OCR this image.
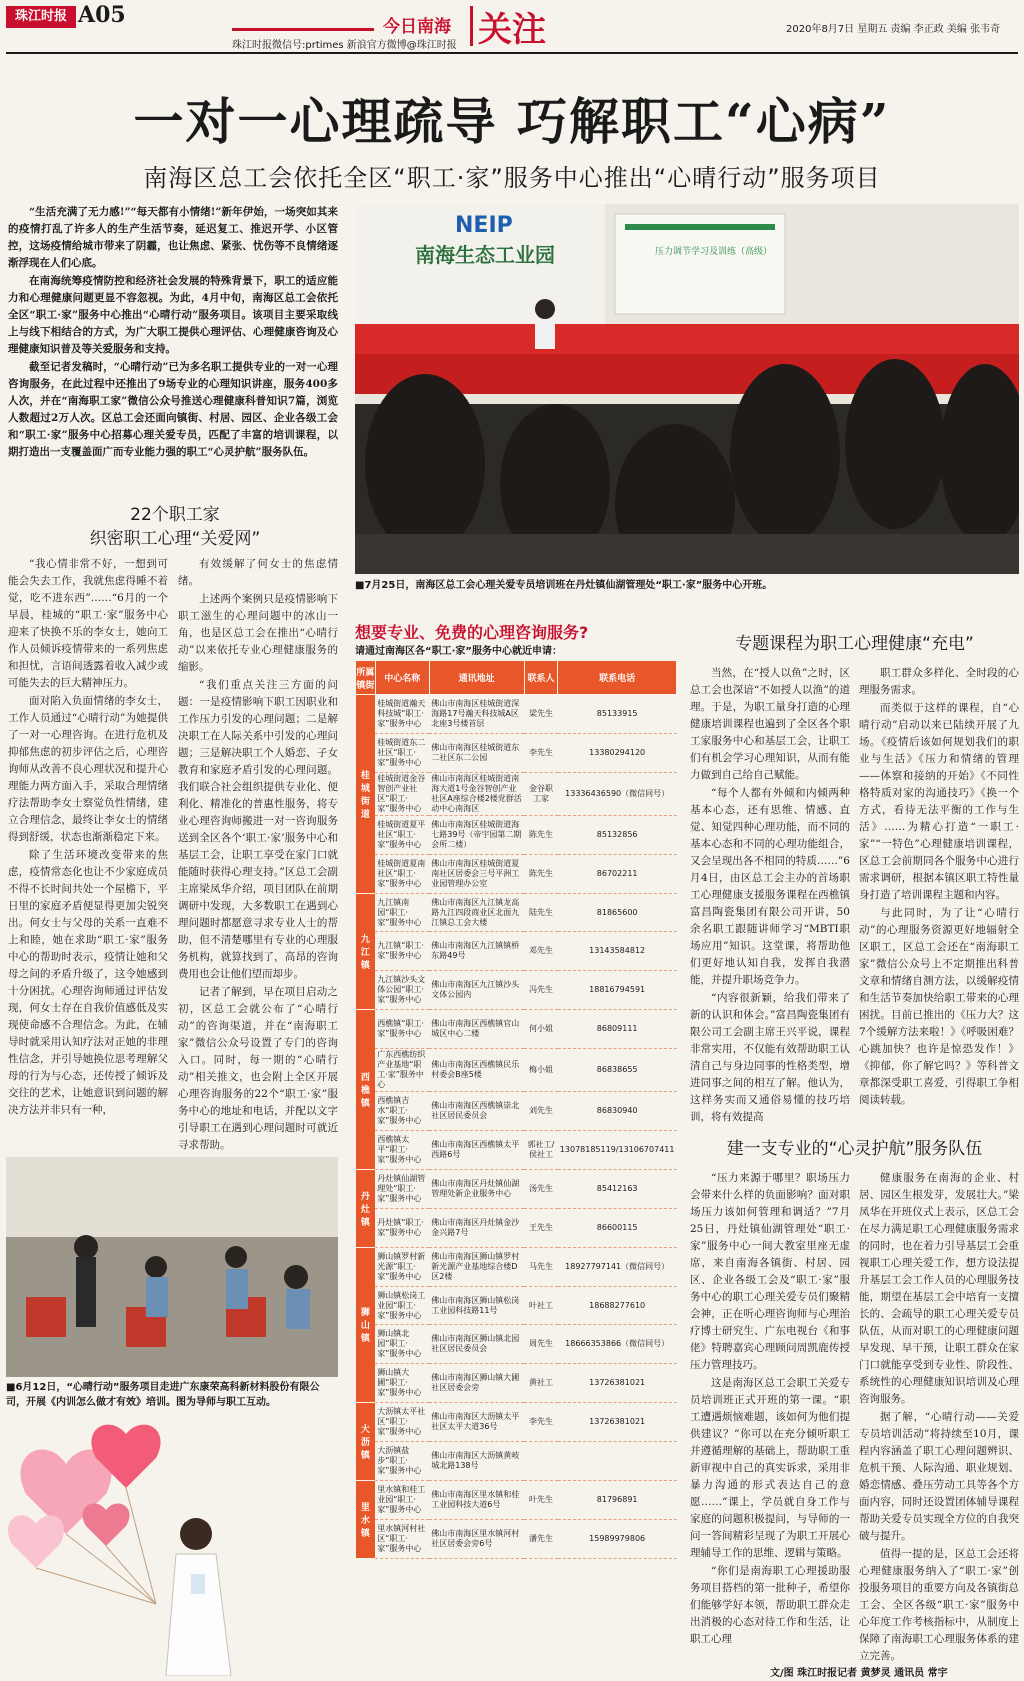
珠江时报 A05	今日南海 关注
珠江时报微信号:prtimes 新浪官方微博@珠江时报
2020年8月7日 星期五 责编 李正政 美编 张韦奇
一对一心理疏导 巧解职工“心病”
南海区总工会依托全区“职工·家”服务中心推出“心晴行动”服务项目

“生活充满了无力感!”“每天都有小情绪!”新年伊始，一场突如其来的疫情打乱了许多人的生产生活节奏，延迟复工、推迟开学、小区管控，这场疫情给城市带来了阴霾，也让焦虑、紧张、忧伤等不良情绪逐渐浮现在人们心底。

在南海统筹疫情防控和经济社会发展的特殊背景下，职工的适应能力和心理健康问题更显不容忽视。为此，4月中旬，南海区总工会依托全区“职工·家”服务中心推出“心晴行动”服务项目。该项目主要采取线上与线下相结合的方式，为广大职工提供心理评估、心理健康咨询及心理健康知识普及等关爱服务和支持。

截至记者发稿时，“心晴行动”已为多名职工提供专业的一对一心理咨询服务，在此过程中还推出了9场专业的心理知识讲座，服务400多人次，并在“南海职工家”微信公众号推送心理健康科普知识7篇，浏览人数超过2万人次。区总工会还面向镇街、村居、园区、企业各级工会和“职工·家”服务中心招募心理关爱专员，匹配了丰富的培训课程，以期打造出一支覆盖面广而专业能力强的职工“心灵护航”服务队伍。

NEIP
南海生态工业园	压力调节学习及训练（高级）
■7月25日，南海区总工会心理关爱专员培训班在丹灶镇仙湖管理处“职工·家”服务中心开班。
22个职工家
织密职工心理“关爱网”

“我心情非常不好，一想到可能会失去工作，我就焦虑得睡不着觉，吃不进东西”……“6月的一个早晨，桂城的“职工·家”服务中心迎来了快换不乐的李女士，她向工作人员倾诉疫情带来的一系列焦虑和担忧，言语间透露着收入减少或可能失去的巨大精神压力。

面对陷入负面情绪的李女士，工作人员通过“心晴行动”为她提供了一对一心理咨询。在进行危机及抑郁焦虑的初步评估之后，心理咨询师从改善不良心理状况和提升心理能力两方面入手，采取合理情绪疗法帮助李女士察觉负性情绪，建立合理信念，最终让李女士的情绪得到舒缓，状态也渐渐稳定下来。

除了生活环境改变带来的焦虑，疫情常态化也让不少家庭成员不得不长时间共处一个屋檐下，平日里的家庭矛盾便显得更加尖锐突出。何女士与父母的关系一直难不上和睦，她在求助“职工·家”服务中心的帮助时表示，疫情让她和父母之间的矛盾升级了，这令她感到十分困扰。心理咨询师通过评估发现，何女士存在自我价值感低及实现使命感不合理信念。为此，在辅导时就采用认知疗法对正她的非理性信念，并引导她换位思考理解父母的行为与心态，还传授了倾诉及交往的艺术，让她意识到问题的解决方法并非只有一种，

有效缓解了何女士的焦虑情绪。

上述两个案例只是疫情影响下职工滋生的心理问题中的冰山一角，也是区总工会在推出“心晴行动”以来依托专业心理健康服务的缩影。

“我们重点关注三方面的问题：一是疫情影响下职工因职业和工作压力引发的心理问题；二是解决职工在人际关系中引发的心理问题；三是解决职工个人婚恋、子女教育和家庭矛盾引发的心理问题。我们联合社会组织提供专业化、便利化、精准化的普惠性服务，将专业心理咨询师搬进一对一咨询服务送到全区各个‘职工·家’服务中心和基层工会，让职工享受在家门口就能随时获得心理支持。”区总工会副主席梁凤华介绍，项目团队在前期调研中发现，大多数职工在遇到心理问题时都愿意寻求专业人士的帮助，但不清楚哪里有专业的心理服务机构，就算找到了，高昂的咨询费用也会让他们望而却步。

记者了解到，早在项目启动之初，区总工会就公布了“心晴行动”的咨询渠道，并在“南海职工家”微信公众号设置了专门的咨询入口。同时，每一期的“心晴行动”相关推文，也会附上全区开展心理咨询服务的22个“职工·家”服务中心的地址和电话，并配以文字引导职工在遇到心理问题时可就近寻求帮助。

■6月12日，“心晴行动”服务项目走进广东康荣高科新材料股份有限公司，开展《内训怎么做才有效》培训。图为导师与职工互动。
想要专业、免费的心理咨询服务?
请通过南海区各“职工·家”服务中心就近申请：
所属镇街	中心名称	通讯地址	联系人	联系电话
桂城街道	桂城街道瀚天科技城“职工·家”服务中心	佛山市南海区桂城街道深海路17号瀚天科技城A区北座3号楼首层	梁先生	85133915
	桂城街道东二社区“职工·家”服务中心	佛山市南海区桂城街道东二社区东二公园	李先生	13380294120
	桂城街道金谷智创产业社区“职工·家”服务中心	佛山市南海区桂城街道南海大道1号金谷智创产业社区A座综合楼2楼党群活动中心南海区	金谷职工家	13336436590（微信同号）
	桂城街道夏平社区“职工·家”服务中心	佛山市南海区桂城街道海七路39号（帝宇园第二期会所二楼）	陈先生	85132856
	桂城街道夏南社区“职工·家”服务中心	佛山市南海区桂城街道夏南社区居委会三号平洲工业园管理办公室	陈先生	86702211
九江镇	九江镇南园“职工·家”服务中心	佛山市南海区九江镇龙高路九江四段商业区北面九江镇总工会大楼	陆先生	81865600
	九江镇“职工·家”服务中心	佛山市南海区九江镇镇桥东路49号	邓先生	13143584812
	九江镇沙头文体公园“职工·家”服务中心	佛山市南海区九江镇沙头文体公园内	冯先生	18816794591
西樵镇	西樵镇“职工·家”服务中心	佛山市南海区西樵镇官山城区中心二楼	何小姐	86809111
	广东西樵纺织产业基地“职工·家”服务中心	佛山市南海区西樵镇民乐村委会B座5楼	梅小姐	86838655
	西樵镇吉水“职工·家”服务中心	佛山市南海区西樵镇崇北社区居民委员会	刘先生	86830940
	西樵镇太平“职工·家”服务中心	佛山市南海区西樵镇太平西路6号	郭社工/侯社工	13078185119/13106707411
丹灶镇	丹灶镇仙湖管理处“职工·家”服务中心	佛山市南海区丹灶镇仙湖管理处新企业服务中心	汤先生	85412163
	丹灶镇“职工·家”服务中心	佛山市南海区丹灶镇金沙金兴路7号	王先生	86600115
狮山镇	狮山镇罗村新光源“职工·家”服务中心	佛山市南海区狮山镇罗村新光源产业基地综合楼D区2楼	马先生	18927797141（微信同号）
	狮山镇松岗工业园“职工·家”服务中心	佛山市南海区狮山镇松岗工业园科技路11号	叶社工	18688277610
	狮山镇北园“职工·家”服务中心	佛山市南海区狮山镇北园社区居民委员会	周先生	18666353866（微信同号）
	狮山镇大圃“职工·家”服务中心	佛山市南海区狮山镇大圃社区居委会旁	黄社工	13726381021
大沥镇	大沥镇太平社区“职工·家”服务中心	佛山市南海区大沥镇太平社区太平大道36号	李先生	13726381021
	大沥镇盐步“职工·家”服务中心	佛山市南海区大沥镇黄岐城北路138号		
里水镇	里水镇和桂工业园“职工·家”服务中心	佛山市南海区里水镇和桂工业园科技大道6号	叶先生	81796891
	里水镇河村社区“职工·家”服务中心	佛山市南海区里水镇河村社区居委会旁6号	潘先生	15989979806
专题课程为职工心理健康“充电”

当然，在“授人以鱼”之时，区总工会也深谙“不如授人以渔”的道理。于是，为职工量身打造的心理健康培训课程也遍到了全区各个职工家服务中心和基层工会，让职工们有机会学习心理知识，从而有能力做到自己给自己赋能。

“每个人都有外倾和内倾两种基本心态，还有思维、情感、直觉、知觉四种心理功能，而不同的基本心态和不同的心理功能组合，又会呈现出各不相同的特质……”6月4日，由区总工会主办的首场职工心理健康支援服务课程在西樵镇富昌陶瓷集团有限公司开讲，50余名职工跟随讲师学习“MBTI职场应用”知识。这堂课，将帮助他们更好地认知自我，发挥自我潜能，并提升职场竞争力。

“内容很新颖，给我们带来了新的认识和体会。”富昌陶瓷集团有限公司工会副主席王兴平说，课程非常实用，不仅能有效帮助职工认清自己与身边同事的性格类型，增进同事之间的相互了解。他认为，这样务实而又通俗易懂的技巧培训，将有效提高

职工群众多样化、全时段的心理服务需求。

而类似于这样的课程，自“心晴行动”启动以来已陆续开展了九场。《疫情后该如何规划我们的职业与生活》《压力和情绪的管理——体察和接纳的开始》《不同性格特质对家的沟通技巧》《换一个方式，看待无法平衡的工作与生活》……为精心打造“一职工·家”“一特色”心理健康培训课程，区总工会前期同各个服务中心进行需求调研，根据本镇区职工特性量身打造了培训课程主题和内容。

与此同时，为了让“心晴行动”的心理服务资源更好地辐射全区职工，区总工会还在“南海职工家”微信公众号上不定期推出科普文章和情绪自测方法，以缓解疫情和生活节奏加快给职工带来的心理困扰。目前已推出的《压力大？这7个缓解方法来啦！》《呼吸困难？心跳加快？也许是惊恐发作！》《抑郁，你了解它吗？》等科普文章都深受职工喜爱，引得职工争相阅读转载。

建一支专业的“心灵护航”服务队伍

“压力来源于哪里？职场压力会带来什么样的负面影响？面对职场压力该如何管理和调适？”7月25日，丹灶镇仙湖管理处“职工·家”服务中心一间大教室里座无虚席，来自南海各镇街、村居、园区、企业各级工会及“职工·家”服务中心的职工心理关爱专员们聚精会神，正在听心理咨询师与心理治疗博士研究生、广东电视台《和事佬》特聘嘉宾心理顾问周凯鹿传授压力管理技巧。

这是南海区总工会职工关爱专员培训班正式开班的第一课。“职工遭遇烦恼难题，该如何为他们提供建议？”你可以在充分倾听职工并遵循理解的基础上，帮助职工重新审视中自己的真实诉求，采用非暴力沟通的形式表达自己的意愿……”课上，学员就自身工作与家庭的问题积极提问，与导师的一问一答间精彩呈现了为职工开展心理辅导工作的思维、逻辑与策略。

“你们是南海职工心理援助服务项目搭档的第一批种子，希望你们能够学好本领，帮助职工群众走出消极的心态对待工作和生活，让职工心理

健康服务在南海的企业、村居、园区生根发芽，发展壮大。”梁凤华在开班仪式上表示，区总工会在尽力满足职工心理健康服务需求的同时，也在着力引导基层工会重视职工心理关爱工作，想方设法提升基层工会工作人员的心理服务技能，期望在基层工会中培育一支擅长的、会疏导的职工心理关爱专员队伍，从而对职工的心理健康问题早发现、早干预，让职工群众在家门口就能享受到专业性、阶段性、系统性的心理健康知识培训及心理咨询服务。

据了解，“心晴行动——关爱专员培训活动”将持续至10月，课程内容涵盖了职工心理问题辨识、危机干预、人际沟通、职业规划、婚恋情感、叠压劳动工具等各个方面内容，同时还设置团体辅导课程帮助关爱专员实现全方位的自我突破与提升。

值得一提的是，区总工会还将心理健康服务纳入了“职工·家”创投服务项目的重要方向及各镇街总工会、全区各级“职工·家”服务中心年度工作考核指标中，从制度上保障了南海职工心理服务体系的建立完善。

文/图 珠江时报记者 黄梦灵 通讯员 常宇
